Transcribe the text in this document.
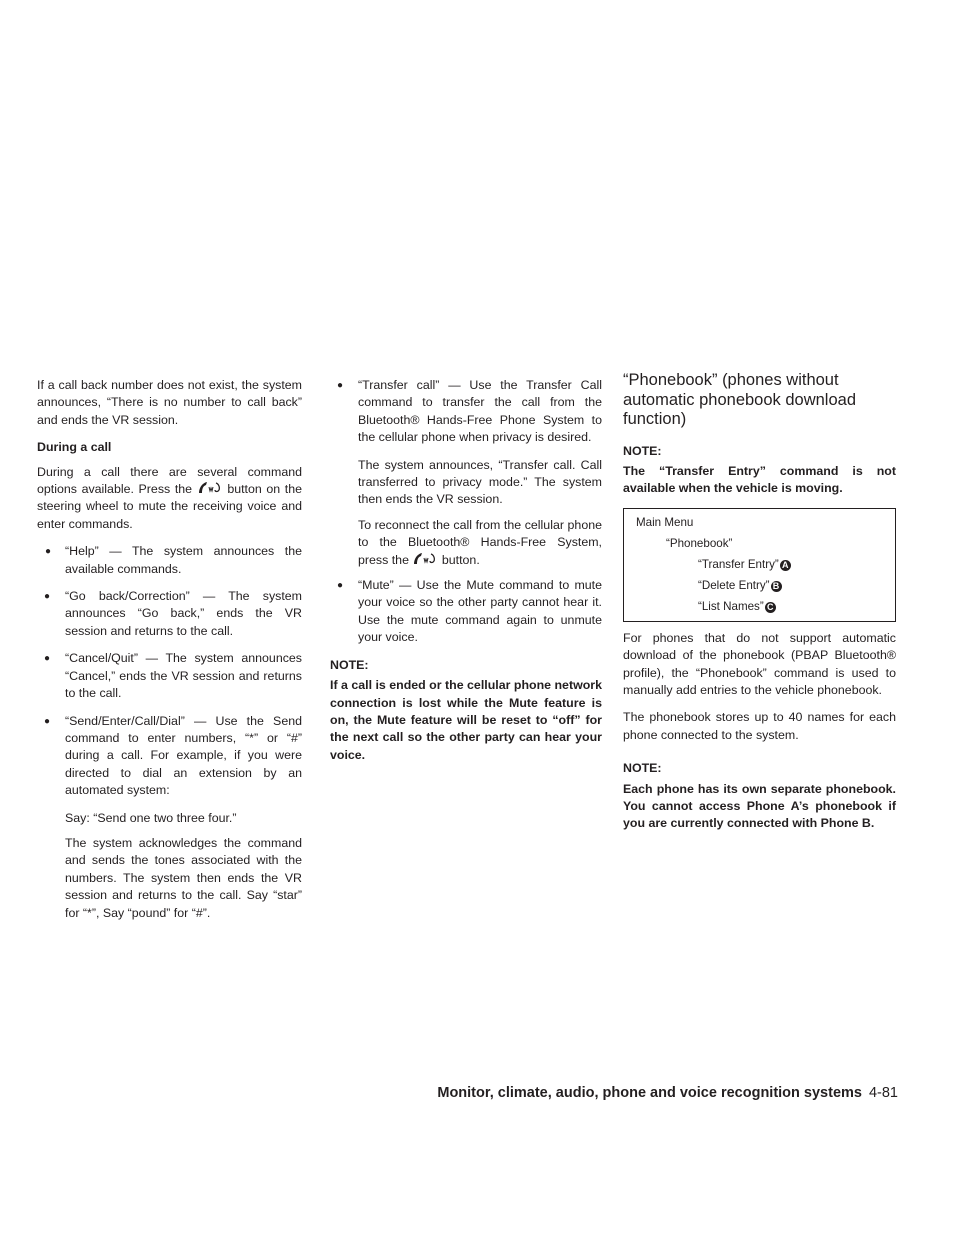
If a call back number does not exist, the system announces, “There is no number to call back” and ends the VR session.

During a call

During a call there are several command options available. Press the	button on the steering wheel to mute the receiving voice and enter commands.

● “Help” — The system announces the available commands.
● “Go back/Correction” — The system announces “Go back,” ends the VR session and returns to the call.
● “Cancel/Quit” — The system announces “Cancel,” ends the VR session and returns to the call.
● “Send/Enter/Call/Dial” — Use the Send command to enter numbers, “*” or “#” during a call. For example, if you were directed to dial an extension by an automated system:

Say: “Send one two three four.”

The system acknowledges the command and sends the tones associated with the numbers. The system then ends the VR session and returns to the call. Say “star” for “*”, Say “pound” for “#”.

● “Transfer call” — Use the Transfer Call command to transfer the call from the Bluetooth® Hands-Free Phone System to the cellular phone when privacy is desired.

The system announces, “Transfer call. Call transferred to privacy mode.” The system then ends the VR session.

To reconnect the call from the cellular phone to the Bluetooth® Hands-Free System, press the	button.

● “Mute” — Use the Mute command to mute your voice so the other party cannot hear it. Use the mute command again to unmute your voice.

NOTE:

If a call is ended or the cellular phone network connection is lost while the Mute feature is on, the Mute feature will be reset to “off” for the next call so the other party can hear your voice.

“Phonebook” (phones without automatic phonebook download function)

NOTE:

The “Transfer Entry” command is not available when the vehicle is moving.

Main Menu
“Phonebook”
“Transfer Entry” A
“Delete Entry” B
“List Names” C

For phones that do not support automatic download of the phonebook (PBAP Bluetooth® profile), the “Phonebook” command is used to manually add entries to the vehicle phonebook.

The phonebook stores up to 40 names for each phone connected to the system.

NOTE:

Each phone has its own separate phonebook. You cannot access Phone A’s phonebook if you are currently connected with Phone B.

Monitor, climate, audio, phone and voice recognition systems 4-81
